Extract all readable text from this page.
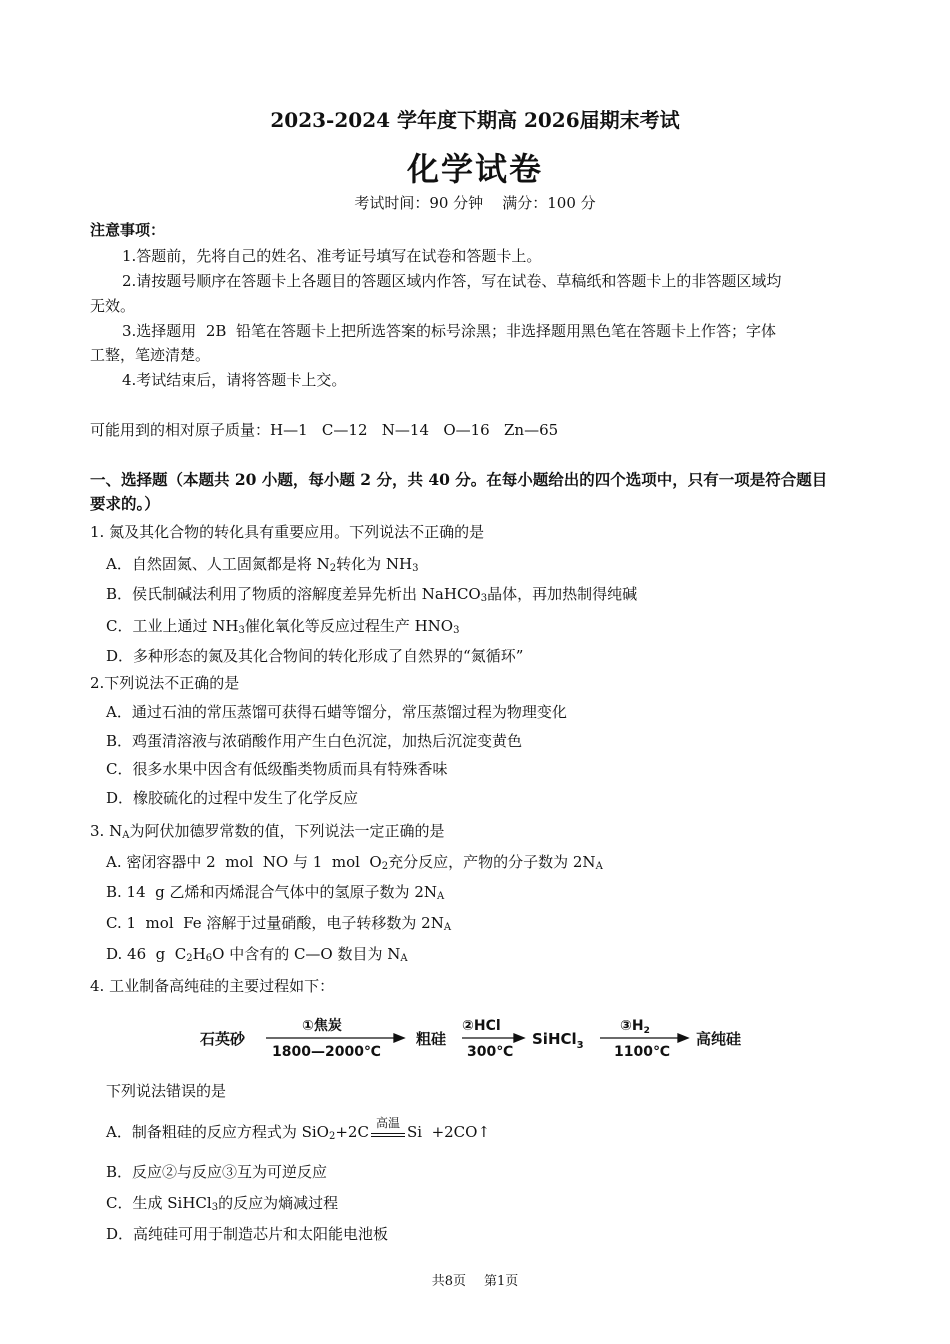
2023-2024 学年度下期高 2026届期末考试
化学试卷
考试时间：90 分钟    满分：100 分
注意事项：
1.答题前，先将自己的姓名、准考证号填写在试卷和答题卡上。
2.请按题号顺序在答题卡上各题目的答题区域内作答，写在试卷、草稿纸和答题卡上的非答题区域均
无效。
3.选择题用  2B  铅笔在答题卡上把所选答案的标号涂黑；非选择题用黑色笔在答题卡上作答；字体
工整，笔迹清楚。
4.考试结束后，请将答题卡上交。
可能用到的相对原子质量：H—1   C—12   N—14   O—16   Zn—65
一、选择题（本题共 20 小题，每小题 2 分，共 40 分。在每小题给出的四个选项中，只有一项是符合题目
要求的。）
1. 氮及其化合物的转化具有重要应用。下列说法不正确的是
A．自然固氮、人工固氮都是将 $N_2$转化为 $NH_3$
B．侯氏制碱法利用了物质的溶解度差异先析出 NaHCO$_3$晶体，再加热制得纯碱
C．工业上通过 $NH_3$催化氧化等反应过程生产 $HNO_3$
D．多种形态的氮及其化合物间的转化形成了自然界的“氮循环”
2.下列说法不正确的是
A．通过石油的常压蒸馏可获得石蜡等馏分，常压蒸馏过程为物理变化
B．鸡蛋清溶液与浓硝酸作用产生白色沉淀，加热后沉淀变黄色
C．很多水果中因含有低级酯类物质而具有特殊香味
D．橡胶硫化的过程中发生了化学反应
3. $N_A$为阿伏加德罗常数的值，下列说法一定正确的是
A. 密闭容器中 2  mol  NO 与 1  mol  $O_2$充分反应，产物的分子数为 $2N_A$
B. 14  g 乙烯和丙烯混合气体中的氢原子数为 $2N_A$
C. 1  mol  Fe 溶解于过量硝酸，电子转移数为 $2N_A$
D. 46  g  $C_2H_6O$ 中含有的 C—O 数目为 $N_A$
4. 工业制备高纯硅的主要过程如下：
石英砂
①焦炭
1800—2000℃
粗硅
②HCl
300℃
SiHCl$_3$
$③H_2$
1100℃
高纯硅
下列说法错误的是
A．制备粗硅的反应方程式为 SiO$_2$+2C 高温 Si  +2CO↑
B．反应②与反应③互为可逆反应
C．生成 SiHCl$_3$的反应为熵减过程
D．高纯硅可用于制造芯片和太阳能电池板
共8页 第1页
